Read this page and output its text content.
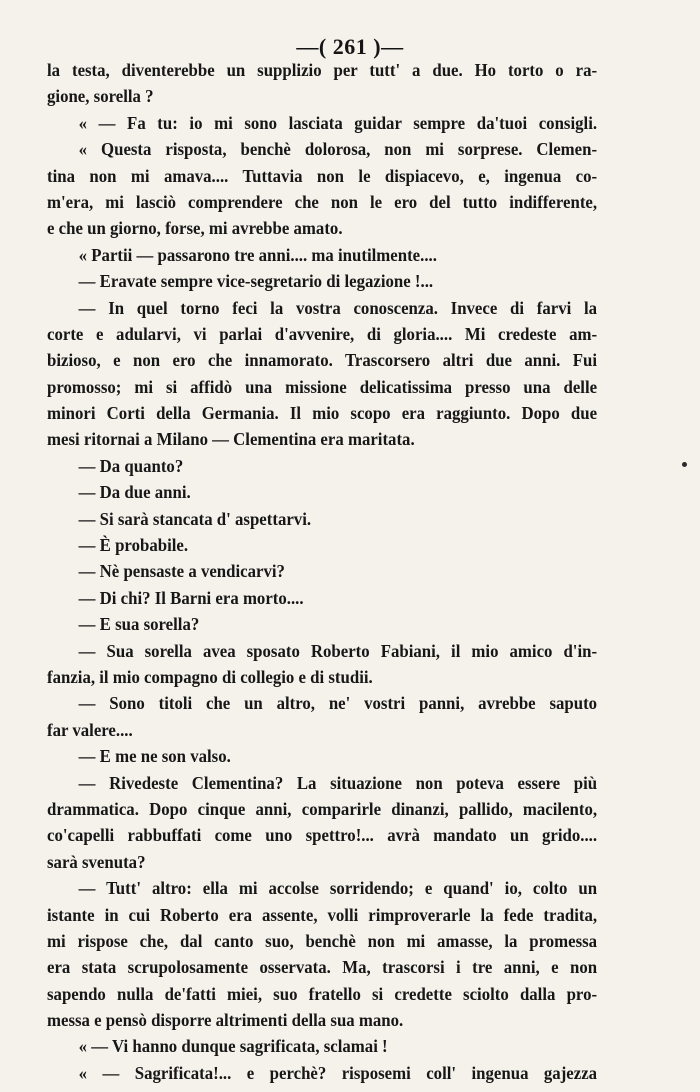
—( 261 )—
la testa, diventerebbe un supplizio per tutt' a due. Ho torto o ra-
gione, sorella ?
« — Fa tu: io mi sono lasciata guidar sempre da'tuoi consigli.
« Questa risposta, benchè dolorosa, non mi sorprese. Clemen-
tina non mi amava.... Tuttavia non le dispiacevo, e, ingenua co-
m'era, mi lasciò comprendere che non le ero del tutto indifferente,
e che un giorno, forse, mi avrebbe amato.
« Partii — passarono tre anni.... ma inutilmente....
— Eravate sempre vice-segretario di legazione !...
— In quel torno feci la vostra conoscenza. Invece di farvi la
corte e adularvi, vi parlai d'avvenire, di gloria.... Mi credeste am-
bizioso, e non ero che innamorato. Trascorsero altri due anni. Fui
promosso; mi si affidò una missione delicatissima presso una delle
minori Corti della Germania. Il mio scopo era raggiunto. Dopo due
mesi ritornai a Milano — Clementina era maritata.
— Da quanto?
— Da due anni.
— Si sarà stancata d' aspettarvi.
— È probabile.
— Nè pensaste a vendicarvi?
— Di chi? Il Barni era morto....
— E sua sorella?
— Sua sorella avea sposato Roberto Fabiani, il mio amico d'in-
fanzia, il mio compagno di collegio e di studii.
— Sono titoli che un altro, ne' vostri panni, avrebbe saputo
far valere....
— E me ne son valso.
— Rivedeste Clementina? La situazione non poteva essere più
drammatica. Dopo cinque anni, comparirle dinanzi, pallido, macilento,
co'capelli rabbuffati come uno spettro!... avrà mandato un grido....
sarà svenuta?
— Tutt' altro: ella mi accolse sorridendo; e quand' io, colto un
istante in cui Roberto era assente, volli rimproverarle la fede tradita,
mi rispose che, dal canto suo, benchè non mi amasse, la promessa
era stata scrupolosamente osservata. Ma, trascorsi i tre anni, e non
sapendo nulla de'fatti miei, suo fratello si credette sciolto dalla pro-
messa e pensò disporre altrimenti della sua mano.
« — Vi hanno dunque sagrificata, sclamai !
« — Sagrificata!... e perchè? risposemi coll' ingenua gajezza
